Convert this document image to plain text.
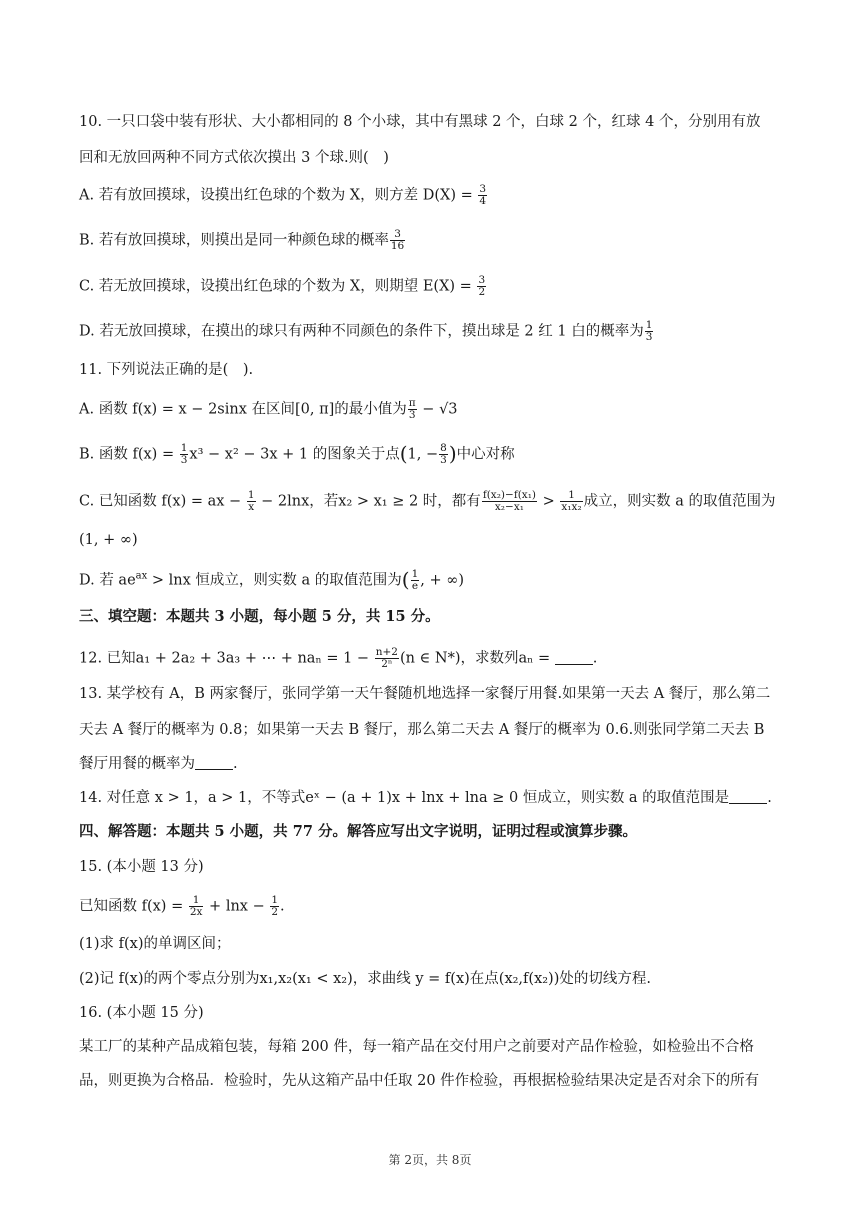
10. 一只口袋中装有形状、大小都相同的 8 个小球，其中有黑球 2 个，白球 2 个，红球 4 个，分别用有放
回和无放回两种不同方式依次摸出 3 个球.则(　)
A. 若有放回摸球，设摸出红色球的个数为 X，则方差 $D(X) = \frac{3}{4}$
B. 若有放回摸球，则摸出是同一种颜色球的概率 $\frac{3}{16}$
C. 若无放回摸球，设摸出红色球的个数为 X，则期望 $E(X) = \frac{3}{2}$
D. 若无放回摸球，在摸出的球只有两种不同颜色的条件下，摸出球是 2 红 1 白的概率为 $\frac{1}{3}$
11. 下列说法正确的是(　).
A. 函数 f(x) = x − 2sinx 在区间[0, π]的最小值为 $\frac{\pi}{3} - √3$
B. 函数 $f(x) = \frac{1}{3} x^3 - x^2 - 3x + 1$ 的图象关于点(1, − $\frac{8}{3}$ )中心对称
C. 已知函数 f(x) = ax − $\frac{1}{x} - 2\ln x$，若x₂ > x₁ ≥ 2 时，都有 $\frac{\text{f(x₂)−f(x₁)}}{\text{x₂−x₁}} > \frac{1}{\text{x₁x₂}}$ 成立，则实数 a 的取值范围为
(1, + ∞)
D. 若 $ae^{ax} > \ln x$ 恒成立，则实数 a 的取值范围为( $\frac{1}{e}$ , + ∞)
三、填空题：本题共 3 小题，每小题 5 分，共 15 分。
12. 已知a₁ + 2a₂ + 3a₃ + ⋯ + $na_n = 1 - \frac{n+2}{\text{2ⁿ}} (n$ ∈ N*)，求数列aₙ =	.
13. 某学校有 A，B 两家餐厅，张同学第一天午餐随机地选择一家餐厅用餐.如果第一天去 A 餐厅，那么第二
天去 A 餐厅的概率为 0.8；如果第一天去 B 餐厅，那么第二天去 A 餐厅的概率为 0.6.则张同学第二天去 B
餐厅用餐的概率为	.
14. 对任意 x > 1，a > 1，不等式eˣ − (a + 1)x + lnx + lna ≥ 0 恒成立，则实数 a 的取值范围是	.
四、解答题：本题共 5 小题，共 77 分。解答应写出文字说明，证明过程或演算步骤。
15. (本小题 13 分)
已知函数 $f(x) = \frac{1}{2x} + \ln x - \frac{1}{2}$ .
(1)求 f(x)的单调区间；
(2)记 f(x)的两个零点分别为x₁,x₂(x₁ < x₂)，求曲线 y = f(x)在点(x₂,f(x₂))处的切线方程.
16. (本小题 15 分)
某工厂的某种产品成箱包装，每箱 200 件，每一箱产品在交付用户之前要对产品作检验，如检验出不合格
品，则更换为合格品．检验时，先从这箱产品中任取 20 件作检验，再根据检验结果决定是否对余下的所有
第 2页，共 8页
